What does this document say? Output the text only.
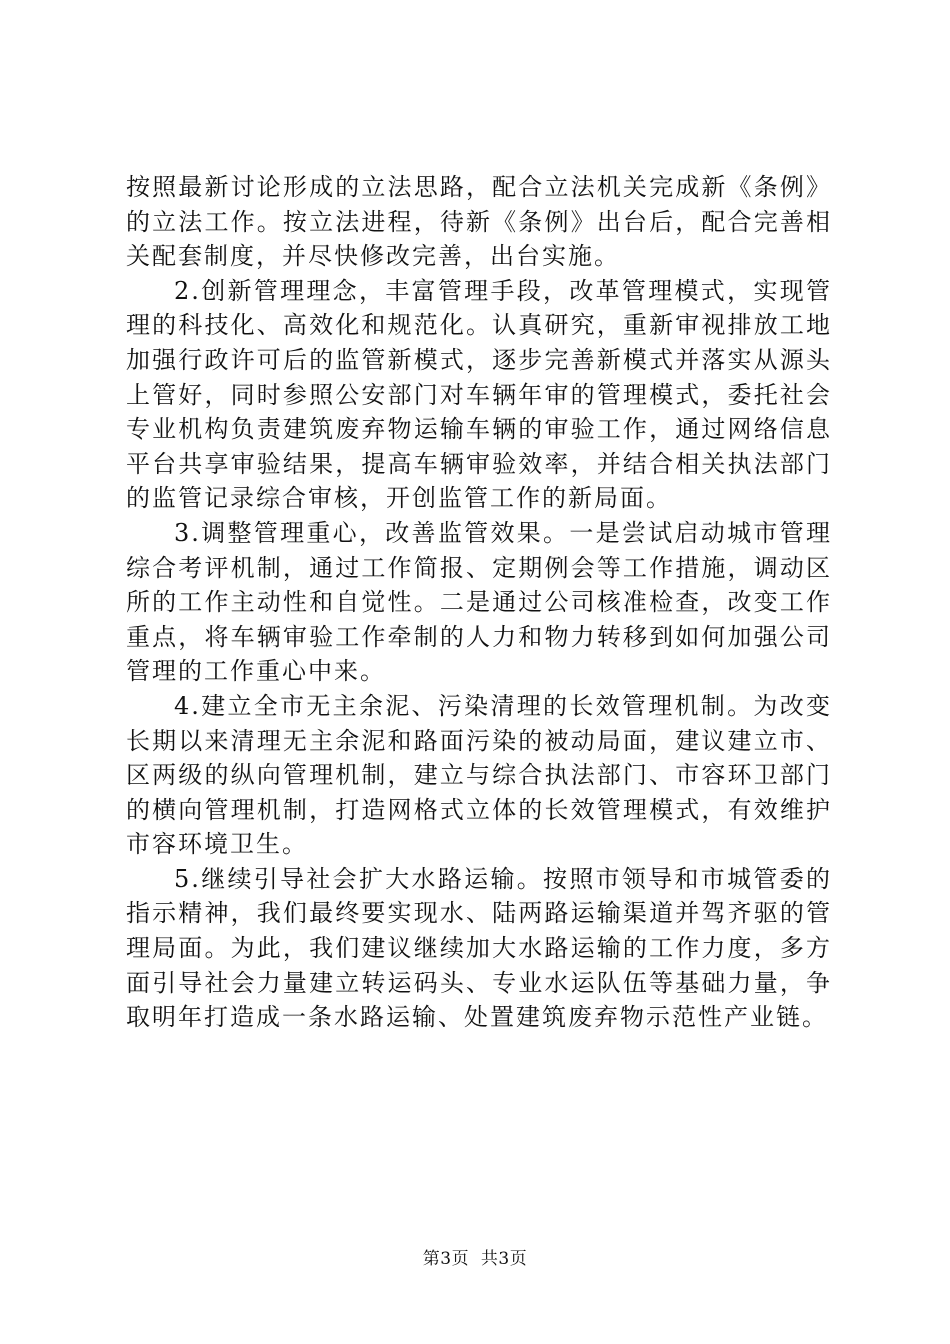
按照最新讨论形成的立法思路，配合立法机关完成新《条例》的立法工作。按立法进程，待新《条例》出台后，配合完善相关配套制度，并尽快修改完善，出台实施。

2.创新管理理念，丰富管理手段，改革管理模式，实现管理的科技化、高效化和规范化。认真研究，重新审视排放工地加强行政许可后的监管新模式，逐步完善新模式并落实从源头上管好，同时参照公安部门对车辆年审的管理模式，委托社会专业机构负责建筑废弃物运输车辆的审验工作，通过网络信息平台共享审验结果，提高车辆审验效率，并结合相关执法部门的监管记录综合审核，开创监管工作的新局面。

3.调整管理重心，改善监管效果。一是尝试启动城市管理综合考评机制，通过工作简报、定期例会等工作措施，调动区所的工作主动性和自觉性。二是通过公司核准检查，改变工作重点，将车辆审验工作牵制的人力和物力转移到如何加强公司管理的工作重心中来。

4.建立全市无主余泥、污染清理的长效管理机制。为改变长期以来清理无主余泥和路面污染的被动局面，建议建立市、区两级的纵向管理机制，建立与综合执法部门、市容环卫部门的横向管理机制，打造网格式立体的长效管理模式，有效维护市容环境卫生。

5.继续引导社会扩大水路运输。按照市领导和市城管委的指示精神，我们最终要实现水、陆两路运输渠道并驾齐驱的管理局面。为此，我们建议继续加大水路运输的工作力度，多方面引导社会力量建立转运码头、专业水运队伍等基础力量，争取明年打造成一条水路运输、处置建筑废弃物示范性产业链。

第3页  共3页
